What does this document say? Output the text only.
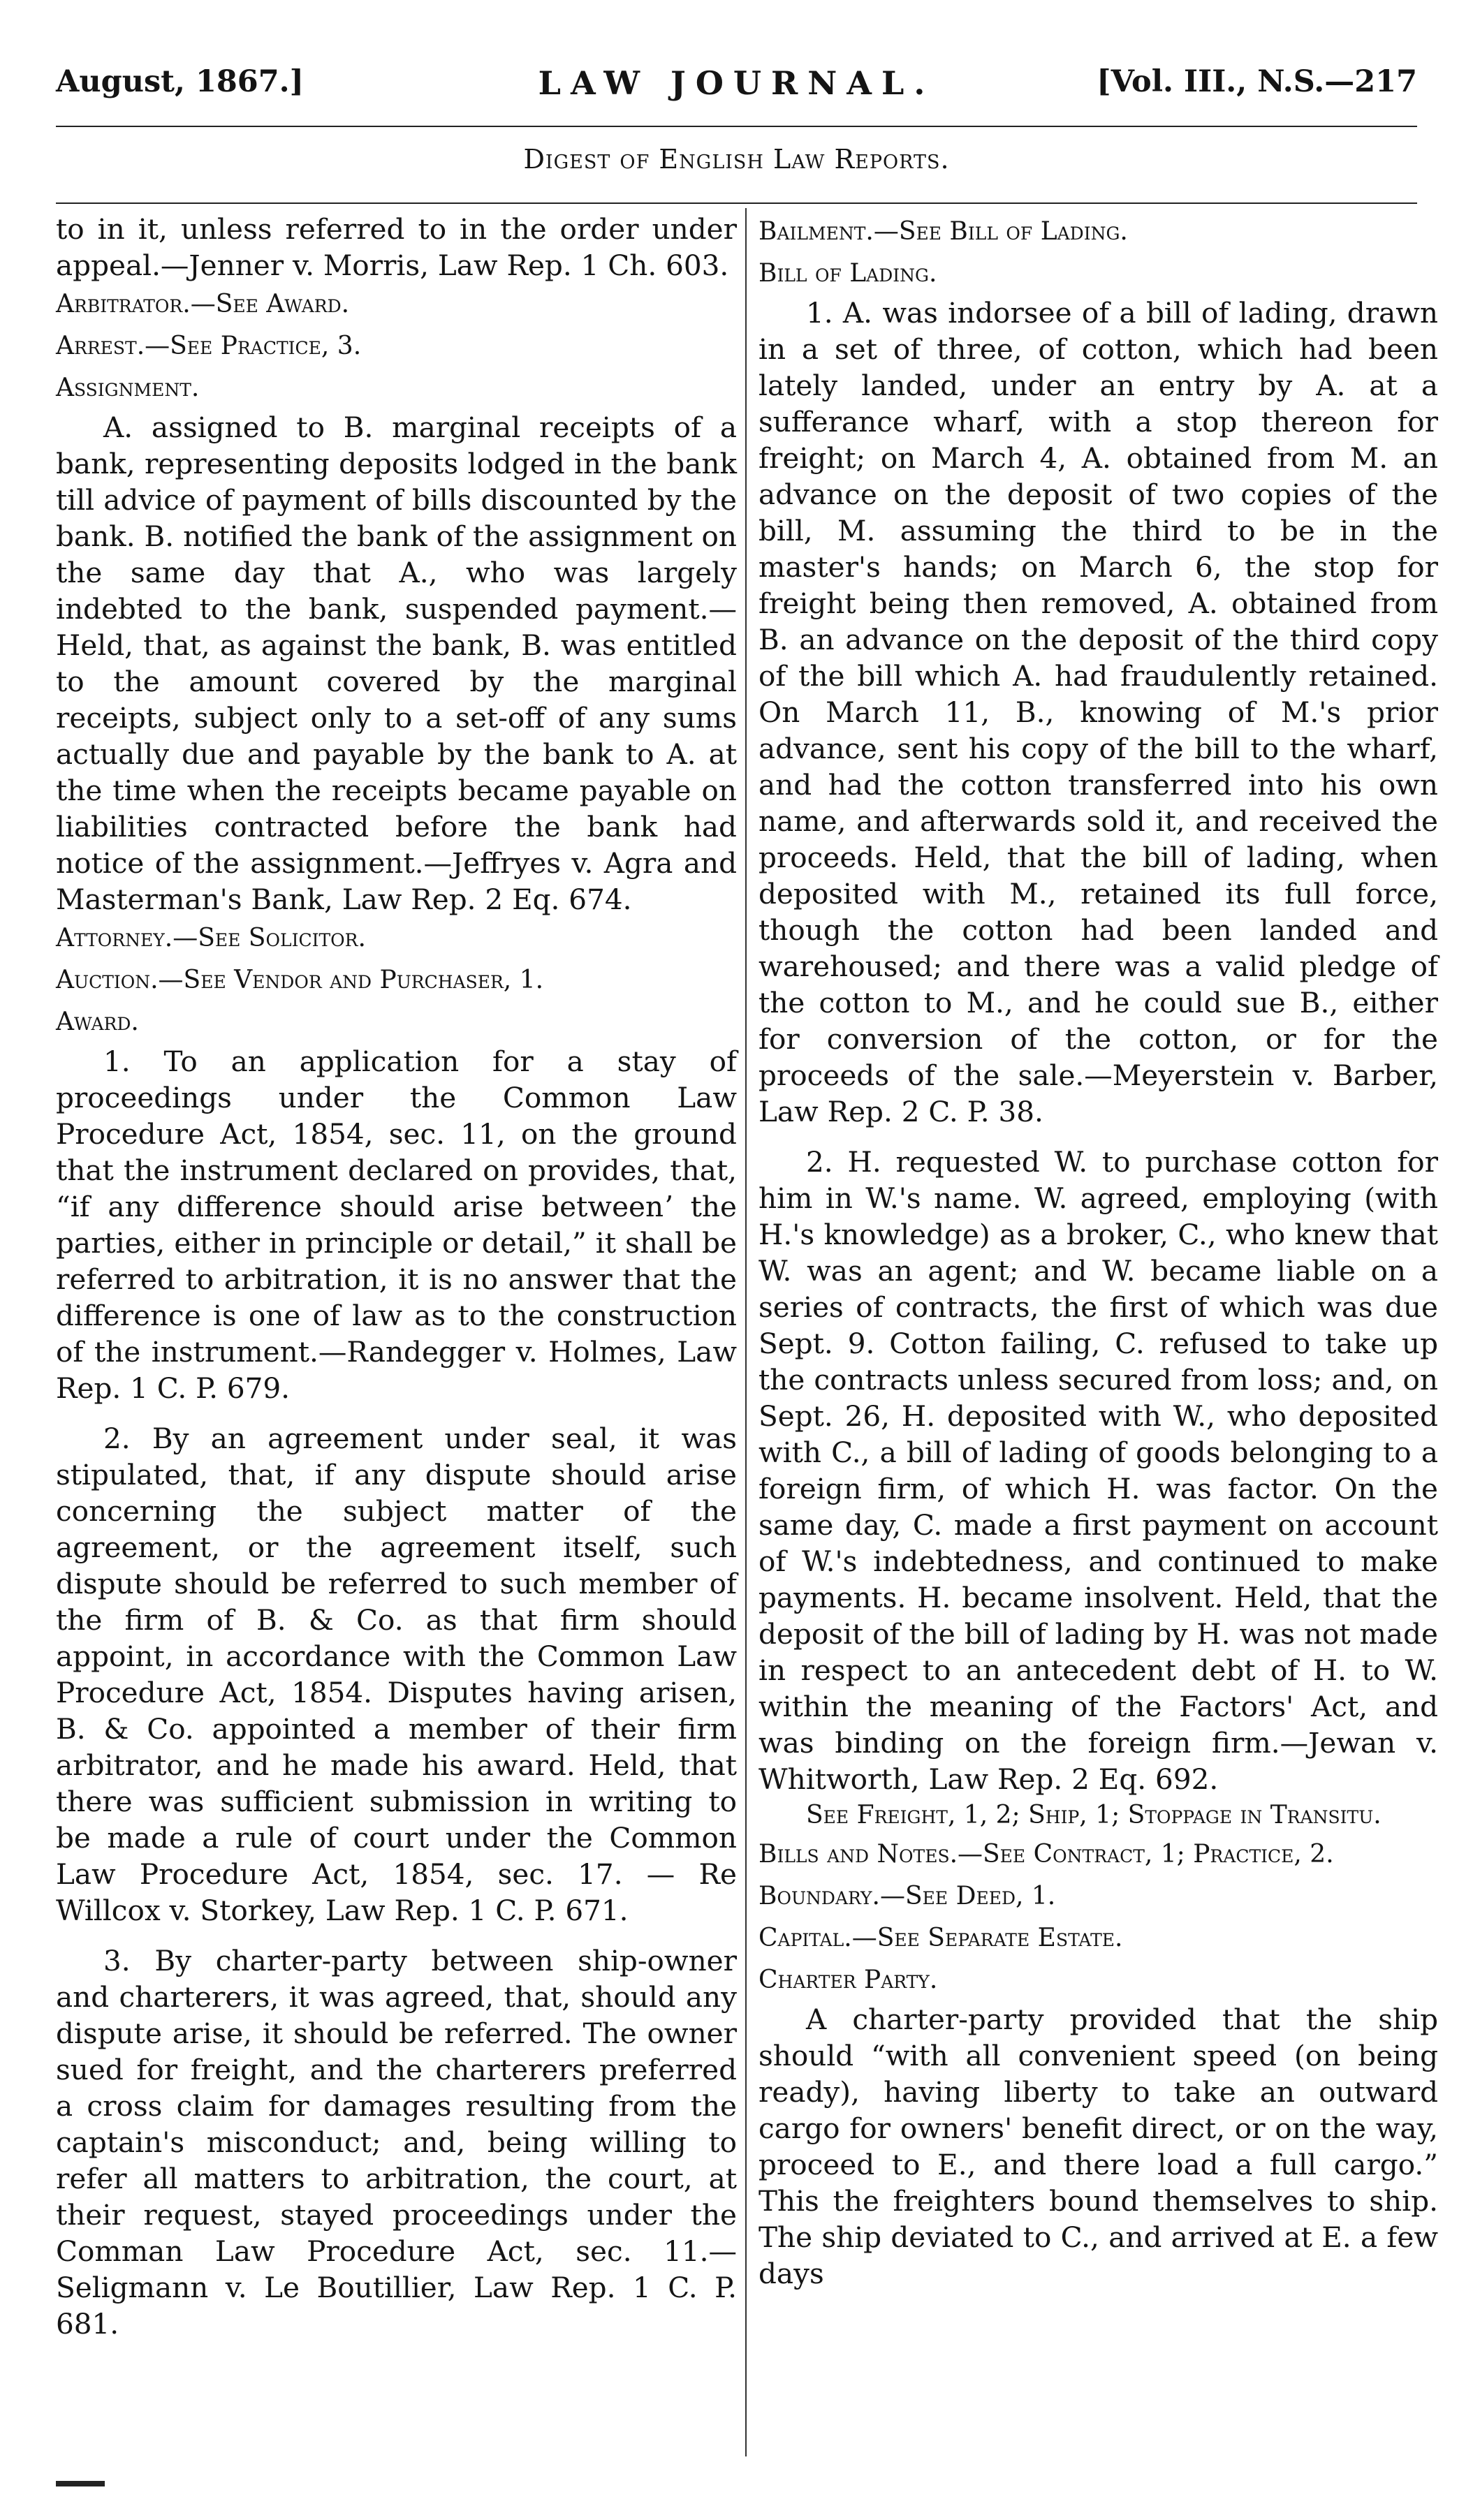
August, 1867.]	LAW JOURNAL.	[Vol. III., N.S.—217
Digest of English Law Reports.

to in it, unless referred to in the order under appeal.—Jenner v. Morris, Law Rep. 1 Ch. 603.

Arbitrator.—See Award.

Arrest.—See Practice, 3.

Assignment.

A. assigned to B. marginal receipts of a bank, representing deposits lodged in the bank till advice of payment of bills discounted by the bank. B. notified the bank of the assignment on the same day that A., who was largely indebted to the bank, suspended payment.—Held, that, as against the bank, B. was entitled to the amount covered by the marginal receipts, subject only to a set-off of any sums actually due and payable by the bank to A. at the time when the receipts became payable on liabilities contracted before the bank had notice of the assignment.—Jeffryes v. Agra and Masterman's Bank, Law Rep. 2 Eq. 674.

Attorney.—See Solicitor.

Auction.—See Vendor and Purchaser, 1.

Award.

1. To an application for a stay of proceedings under the Common Law Procedure Act, 1854, sec. 11, on the ground that the instrument declared on provides, that, “if any difference should arise betweenʼ the parties, either in principle or detail,” it shall be referred to arbitration, it is no answer that the difference is one of law as to the construction of the instrument.—Randegger v. Holmes, Law Rep. 1 C. P. 679.

2. By an agreement under seal, it was stipulated, that, if any dispute should arise concerning the subject matter of the agreement, or the agreement itself, such dispute should be referred to such member of the firm of B. & Co. as that firm should appoint, in accordance with the Common Law Procedure Act, 1854. Disputes having arisen, B. & Co. appointed a member of their firm arbitrator, and he made his award. Held, that there was sufficient submission in writing to be made a rule of court under the Common Law Procedure Act, 1854, sec. 17. — Re Willcox v. Storkey, Law Rep. 1 C. P. 671.

3. By charter-party between ship-owner and charterers, it was agreed, that, should any dispute arise, it should be referred. The owner sued for freight, and the charterers preferred a cross claim for damages resulting from the captain's misconduct; and, being willing to refer all matters to arbitration, the court, at their request, stayed proceedings under the Comman Law Procedure Act, sec. 11.—Seligmann v. Le Boutillier, Law Rep. 1 C. P. 681.

Bailment.—See Bill of Lading.

Bill of Lading.

1. A. was indorsee of a bill of lading, drawn in a set of three, of cotton, which had been lately landed, under an entry by A. at a sufferance wharf, with a stop thereon for freight; on March 4, A. obtained from M. an advance on the deposit of two copies of the bill, M. assuming the third to be in the master's hands; on March 6, the stop for freight being then removed, A. obtained from B. an advance on the deposit of the third copy of the bill which A. had fraudulently retained. On March 11, B., knowing of M.'s prior advance, sent his copy of the bill to the wharf, and had the cotton transferred into his own name, and afterwards sold it, and received the proceeds. Held, that the bill of lading, when deposited with M., retained its full force, though the cotton had been landed and warehoused; and there was a valid pledge of the cotton to M., and he could sue B., either for conversion of the cotton, or for the proceeds of the sale.—Meyerstein v. Barber, Law Rep. 2 C. P. 38.

2. H. requested W. to purchase cotton for him in W.'s name. W. agreed, employing (with H.'s knowledge) as a broker, C., who knew that W. was an agent; and W. became liable on a series of contracts, the first of which was due Sept. 9. Cotton failing, C. refused to take up the contracts unless secured from loss; and, on Sept. 26, H. deposited with W., who deposited with C., a bill of lading of goods belonging to a foreign firm, of which H. was factor. On the same day, C. made a first payment on account of W.'s indebtedness, and continued to make payments. H. became insolvent. Held, that the deposit of the bill of lading by H. was not made in respect to an antecedent debt of H. to W. within the meaning of the Factors' Act, and was binding on the foreign firm.—Jewan v. Whitworth, Law Rep. 2 Eq. 692.

See Freight, 1, 2; Ship, 1; Stoppage in Transitu.

Bills and Notes.—See Contract, 1; Practice, 2.

Boundary.—See Deed, 1.

Capital.—See Separate Estate.

Charter Party.

A charter-party provided that the ship should “with all convenient speed (on being ready), having liberty to take an outward cargo for owners' benefit direct, or on the way, proceed to E., and there load a full cargo.” This the freighters bound themselves to ship. The ship deviated to C., and arrived at E. a few days
